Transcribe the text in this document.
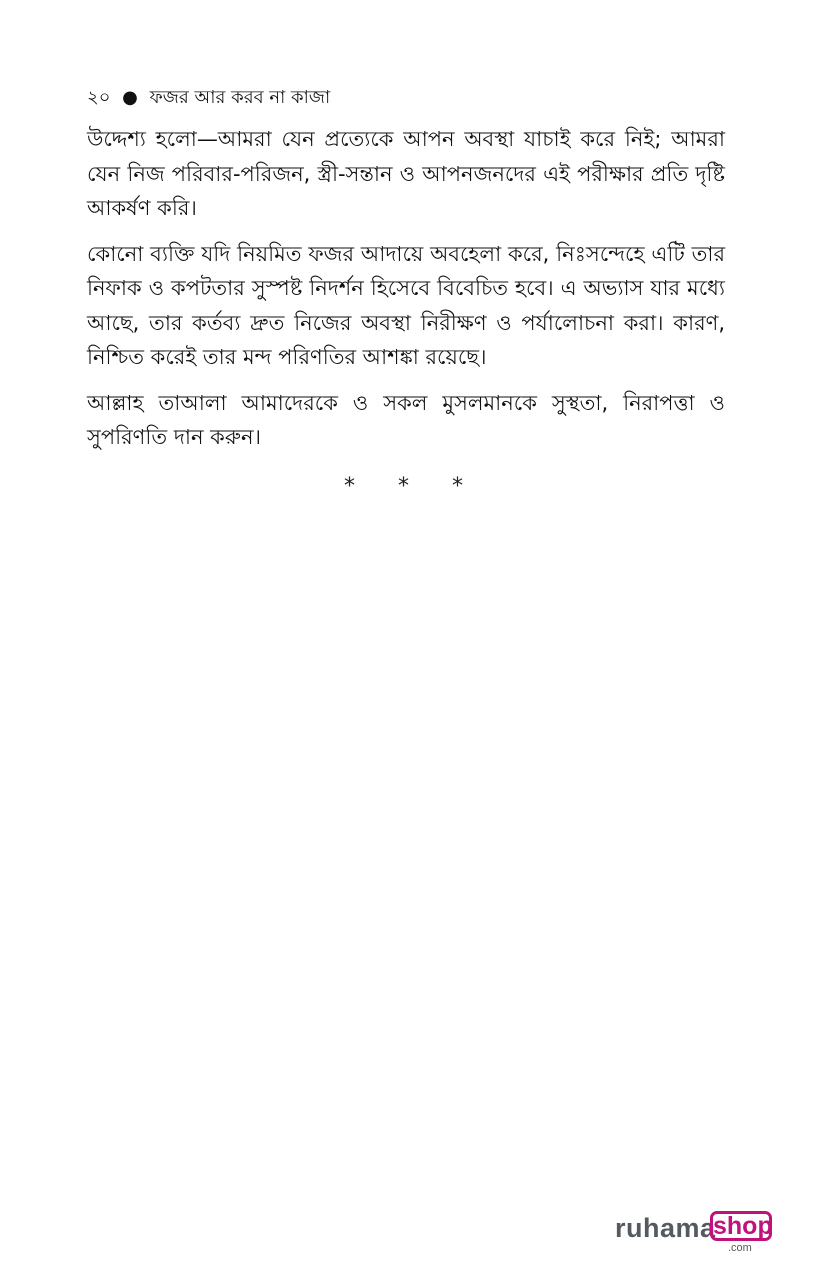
২০ ● ফজর আর করব না কাজা

উদ্দেশ্য হলো—আমরা যেন প্রত্যেকে আপন অবস্থা যাচাই করে নিই; আমরা যেন নিজ পরিবার-পরিজন, স্ত্রী-সন্তান ও আপনজনদের এই পরীক্ষার প্রতি দৃষ্টি আকর্ষণ করি।

কোনো ব্যক্তি যদি নিয়মিত ফজর আদায়ে অবহেলা করে, নিঃসন্দেহে এটি তার নিফাক ও কপটতার সুস্পষ্ট নিদর্শন হিসেবে বিবেচিত হবে। এ অভ্যাস যার মধ্যে আছে, তার কর্তব্য দ্রুত নিজের অবস্থা নিরীক্ষণ ও পর্যালোচনা করা। কারণ, নিশ্চিত করেই তার মন্দ পরিণতির আশঙ্কা রয়েছে।

আল্লাহ তাআলা আমাদেরকে ও সকল মুসলমানকে সুস্থতা, নিরাপত্তা ও সুপরিণতি দান করুন।

* * *
ruhama
shop
.com
